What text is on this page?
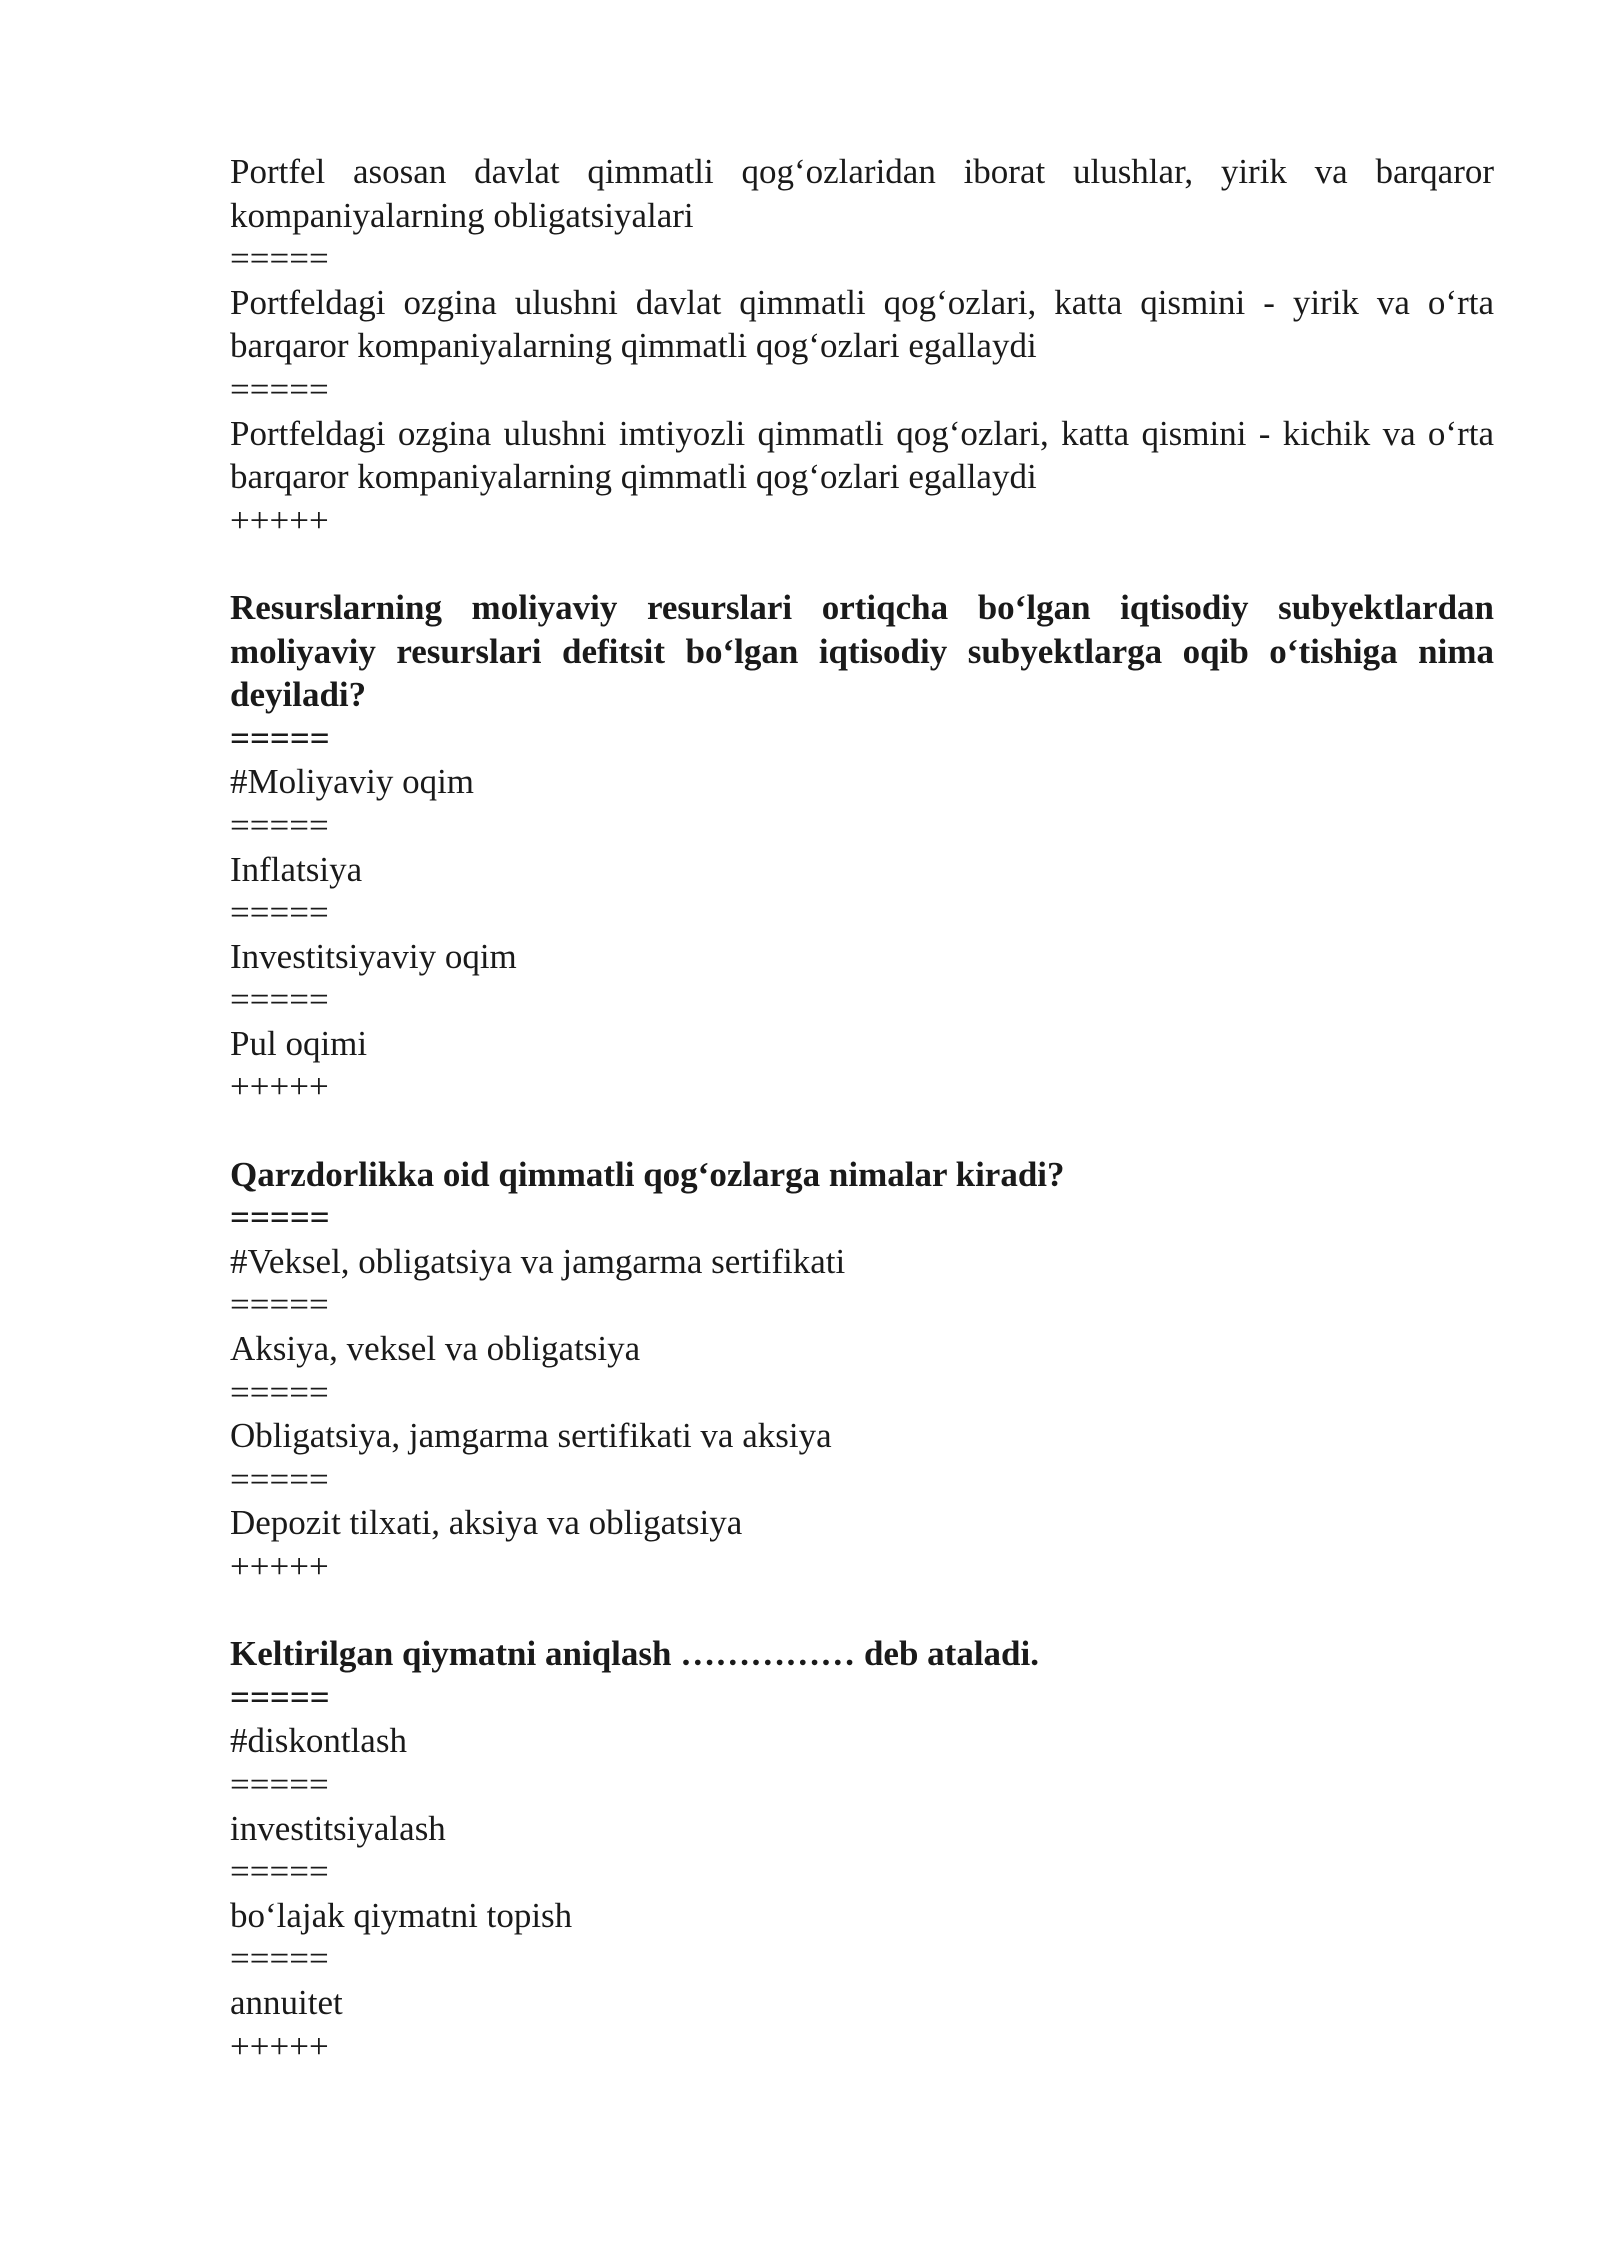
Portfel asosan davlat qimmatli qog‘ozlaridan iborat ulushlar, yirik va barqaror kompaniyalarning obligatsiyalari
=====
Portfeldagi ozgina ulushni davlat qimmatli qog‘ozlari, katta qismini - yirik va o‘rta barqaror kompaniyalarning qimmatli qog‘ozlari egallaydi
=====
Portfeldagi ozgina ulushni imtiyozli qimmatli qog‘ozlari, katta qismini - kichik va o‘rta barqaror kompaniyalarning qimmatli qog‘ozlari egallaydi
+++++
Resurslarning moliyaviy resurslari ortiqcha bo‘lgan iqtisodiy subyektlardan moliyaviy resurslari defitsit bo‘lgan iqtisodiy subyektlarga oqib o‘tishiga nima deyiladi?
=====
#Moliyaviy oqim
=====
Inflatsiya
=====
Investitsiyaviy oqim
=====
Pul oqimi
+++++
Qarzdorlikka oid qimmatli qog‘ozlarga nimalar kiradi?
=====
#Veksel, obligatsiya va jamgarma sertifikati
=====
Aksiya, veksel va obligatsiya
=====
Obligatsiya, jamgarma sertifikati va aksiya
=====
Depozit tilxati, aksiya va obligatsiya
+++++
Keltirilgan qiymatni aniqlash …………… deb ataladi.
=====
#diskontlash
=====
investitsiyalash
=====
bo‘lajak qiymatni topish
=====
annuitet
+++++
